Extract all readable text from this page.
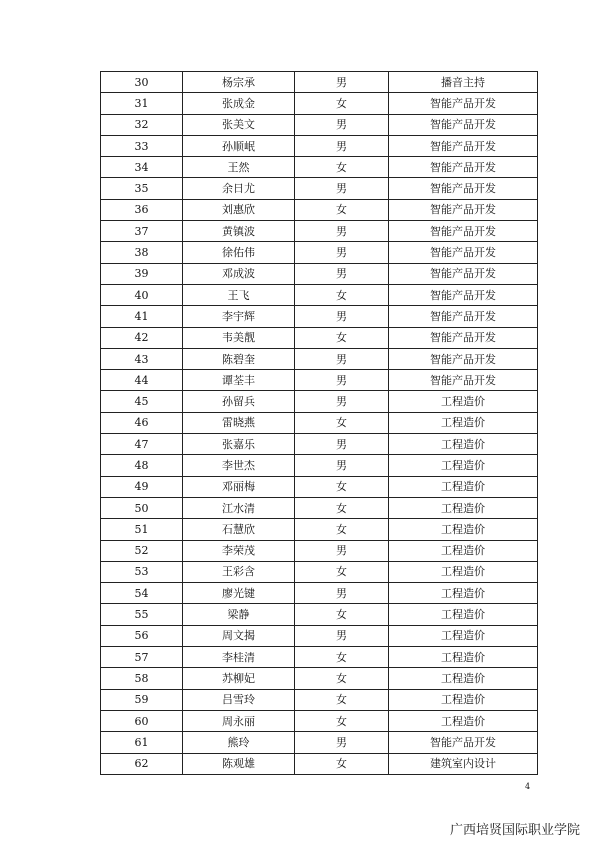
30	杨宗承	男	播音主持
31	张成金	女	智能产品开发
32	张美文	男	智能产品开发
33	孙顺岷	男	智能产品开发
34	王然	女	智能产品开发
35	余日尤	男	智能产品开发
36	刘惠欣	女	智能产品开发
37	黄镇波	男	智能产品开发
38	徐佑伟	男	智能产品开发
39	邓成波	男	智能产品开发
40	王飞	女	智能产品开发
41	李宇辉	男	智能产品开发
42	韦美靓	女	智能产品开发
43	陈碧奎	男	智能产品开发
44	谭荃丰	男	智能产品开发
45	孙留兵	男	工程造价
46	雷晓燕	女	工程造价
47	张嘉乐	男	工程造价
48	李世杰	男	工程造价
49	邓丽梅	女	工程造价
50	江水清	女	工程造价
51	石慧欣	女	工程造价
52	李荣茂	男	工程造价
53	王彩含	女	工程造价
54	廖光键	男	工程造价
55	梁静	女	工程造价
56	周文揭	男	工程造价
57	李桂清	女	工程造价
58	苏柳妃	女	工程造价
59	吕雪玲	女	工程造价
60	周永丽	女	工程造价
61	熊玲	男	智能产品开发
62	陈观雄	女	建筑室内设计
4
广西培贤国际职业学院
